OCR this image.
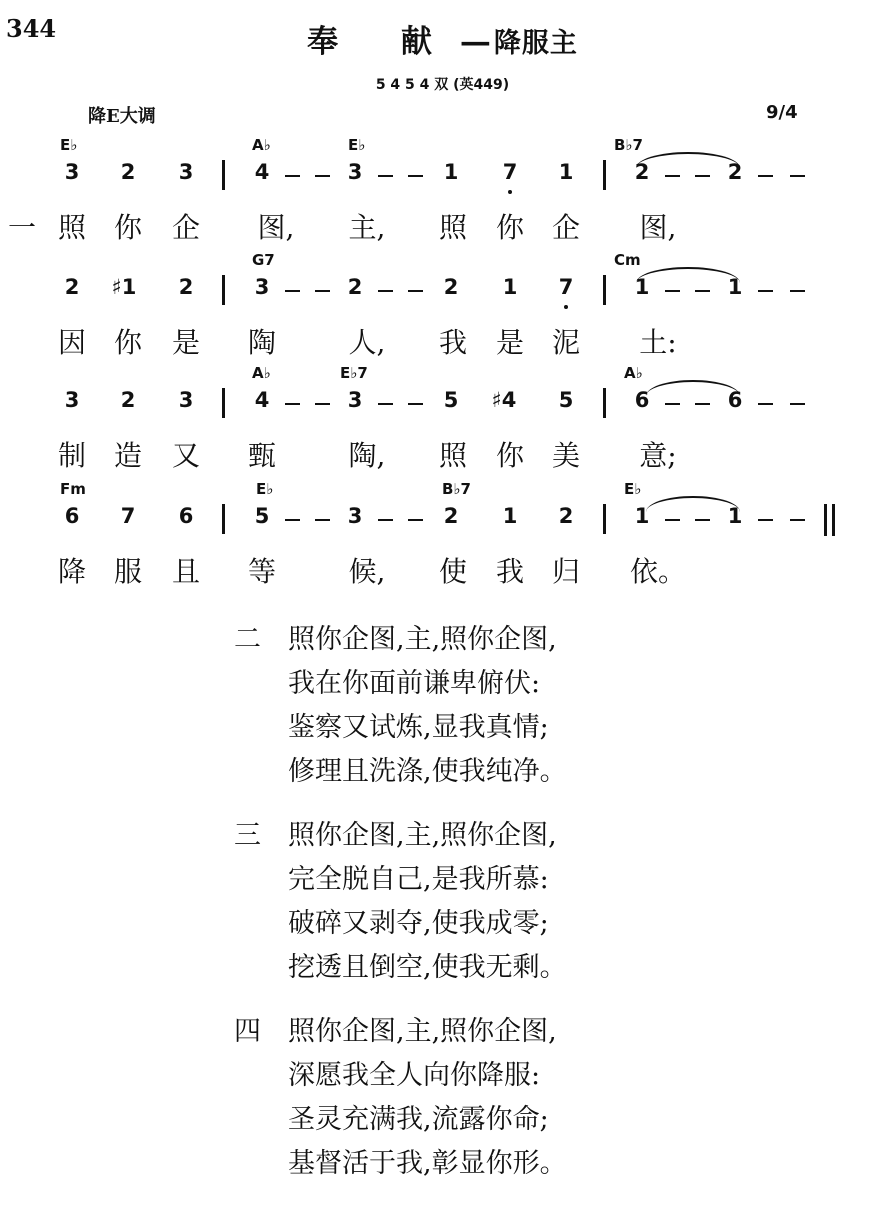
344	奉 献—降服主
5 4 5 4 双 (英449)
降E大调	9/4
E♭	A♭	E♭	B♭7
3 2 3	4	3	1 7 1	2	2
一 照 你 企 图, 主, 照 你 企 图,
G7	Cm
2 ♯1 2	3	2	2 1 7	1	1
因 你 是 陶	人, 我 是 泥 土:
A♭	E♭7	A♭
3 2 3	4	3	5 ♯4 5	6	6
制 造 又 甄	陶, 照 你 美 意;
Fm	E♭	B♭7	E♭
6 7 6	5	3	2 1 2	1	1
降 服 且 等	候, 使 我 归 依。
二 照你企图,主,照你企图,
我在你面前谦卑俯伏:
鉴察又试炼,显我真情;
修理且洗涤,使我纯净。
三 照你企图,主,照你企图,
完全脱自己,是我所慕:
破碎又剥夺,使我成零;
挖透且倒空,使我无剩。
四 照你企图,主,照你企图,
深愿我全人向你降服:
圣灵充满我,流露你命;
基督活于我,彰显你形。
